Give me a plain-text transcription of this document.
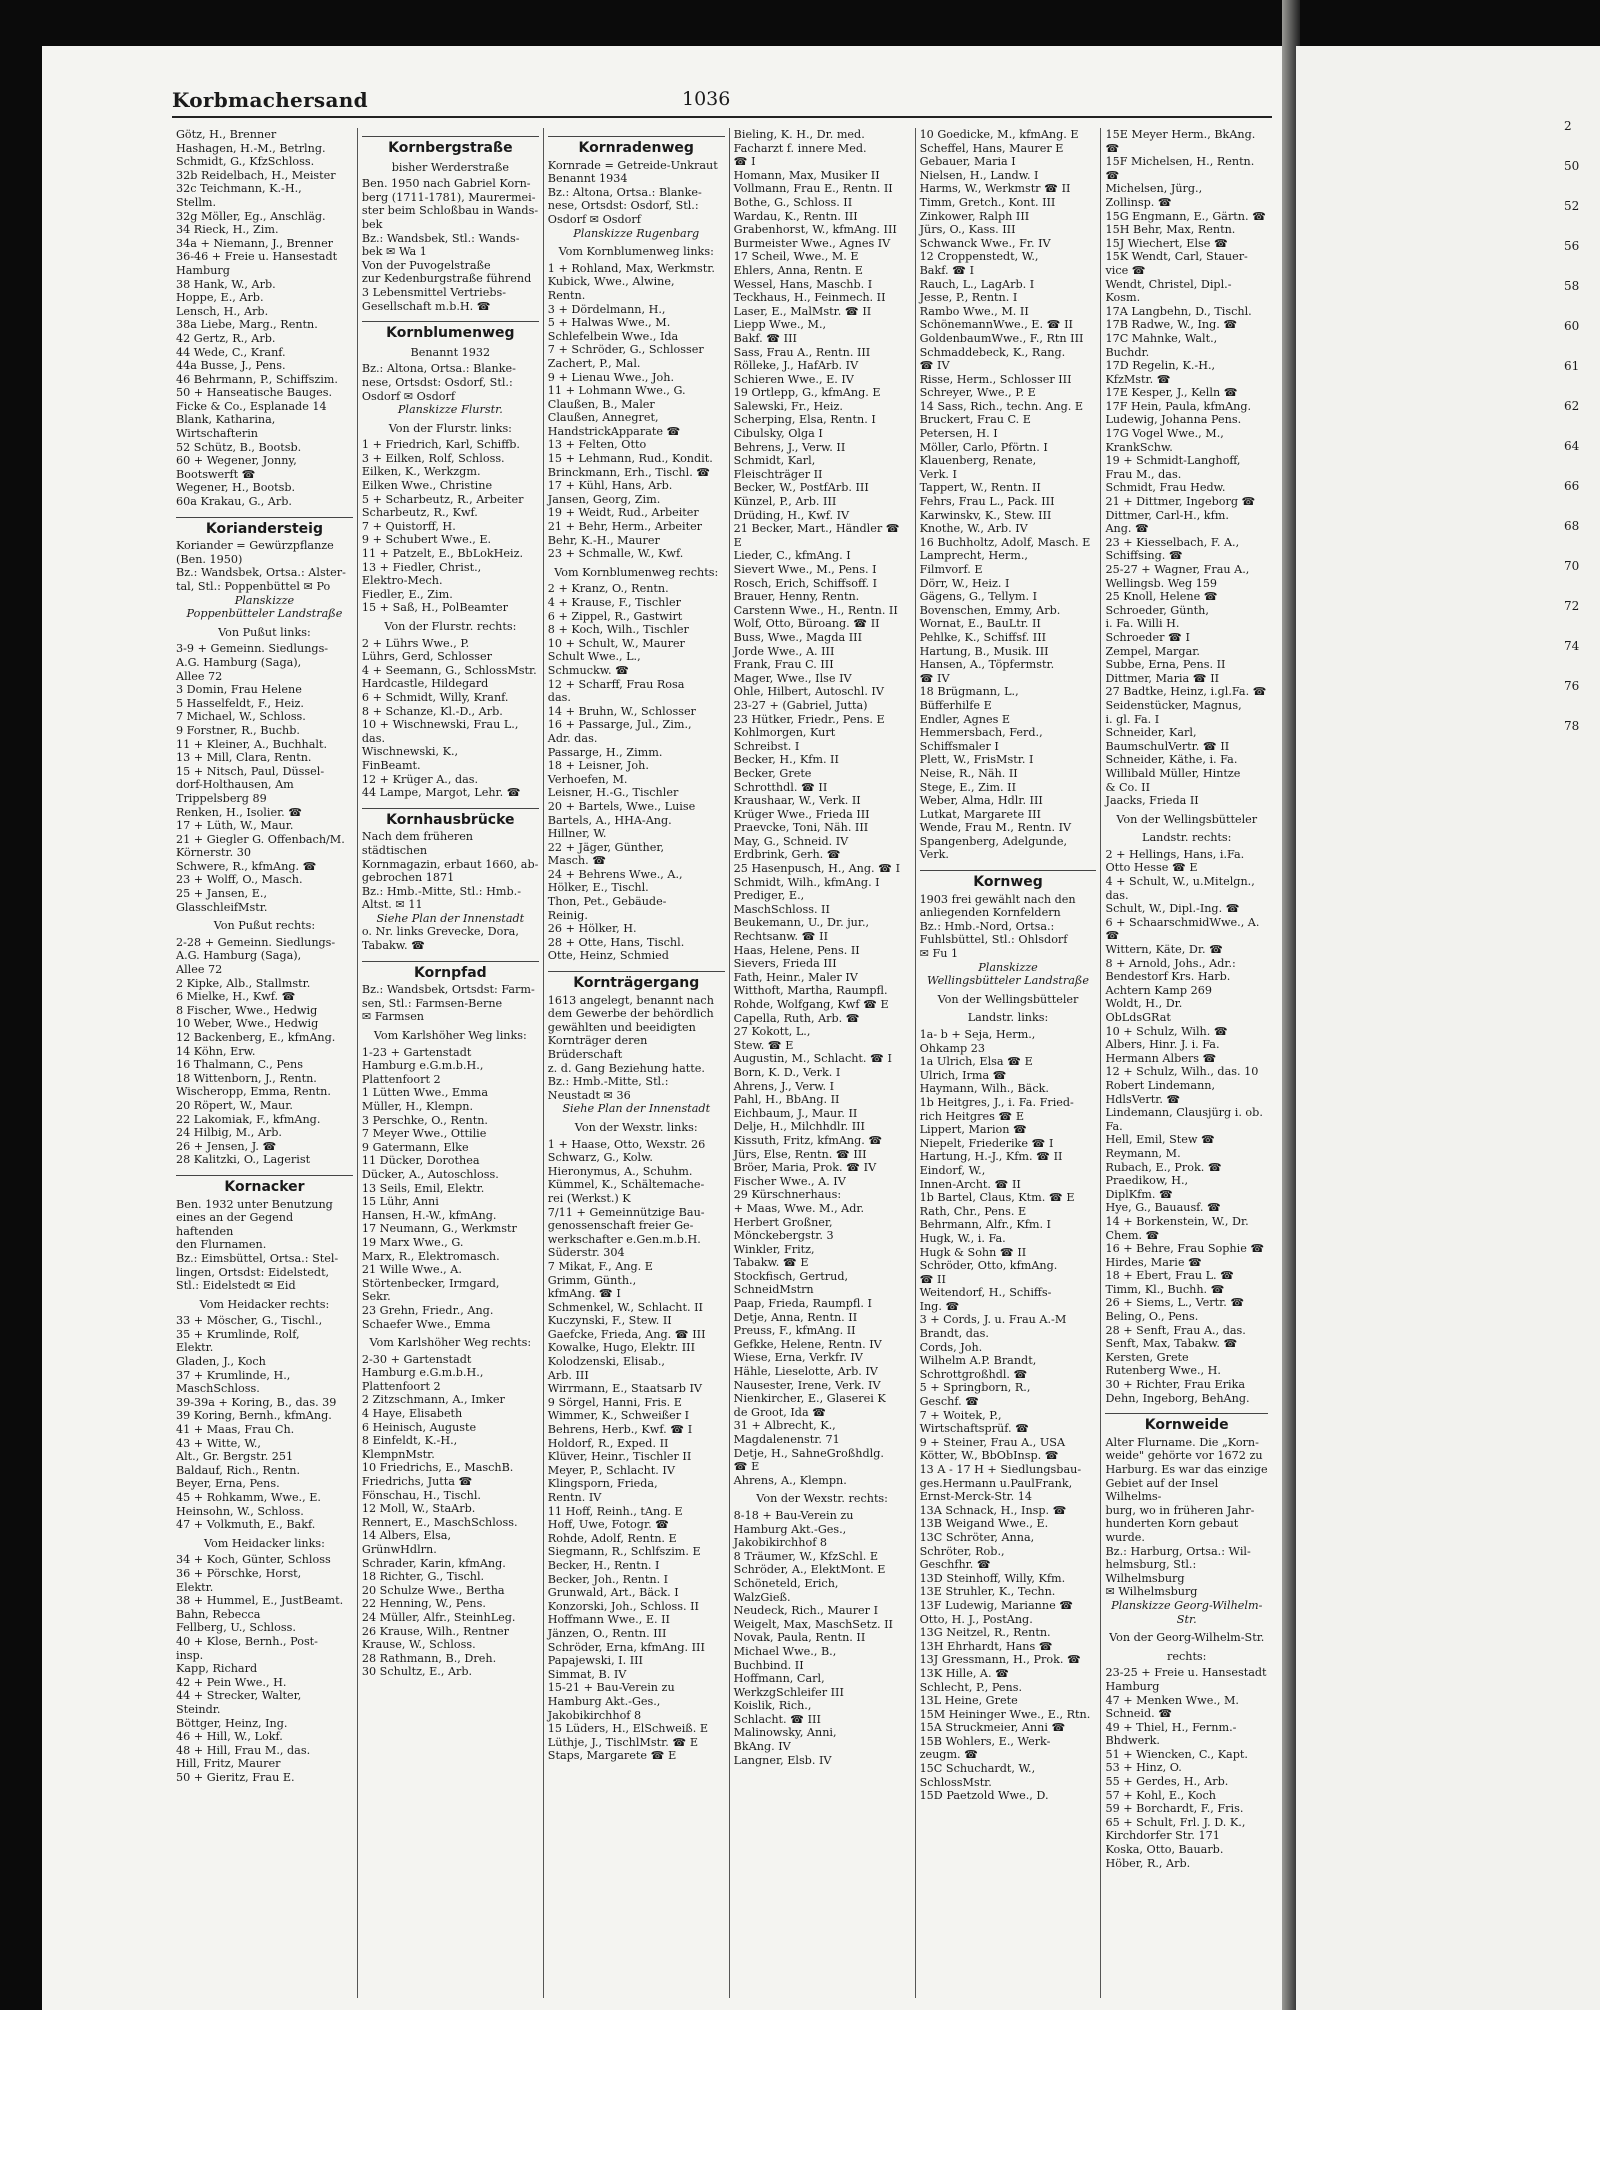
2
50
52
56
58
60
61
62
64
66
68
70
72
74
76
78
Korbmachersand	1036
Götz, H., Brenner
Hashagen, H.-M., Betrlng.
Schmidt, G., KfzSchloss.
32b Reidelbach, H., Meister
32c Teichmann, K.-H.,
Stellm.
32g Möller, Eg., Anschläg.
34 Rieck, H., Zim.
34a + Niemann, J., Brenner
36-46 + Freie u. Hansestadt
Hamburg
38 Hank, W., Arb.
Hoppe, E., Arb.
Lensch, H., Arb.
38a Liebe, Marg., Rentn.
42 Gertz, R., Arb.
44 Wede, C., Kranf.
44a Busse, J., Pens.
46 Behrmann, P., Schiffszim.
50 + Hanseatische Bauges.
Ficke & Co., Esplanade 14
Blank, Katharina,
Wirtschafterin
52 Schütz, B., Bootsb.
60 + Wegener, Jonny,
Bootswerft ☎
Wegener, H., Bootsb.
60a Krakau, G., Arb.
Koriandersteig
Koriander = Gewürzpflanze
(Ben. 1950)
Bz.: Wandsbek, Ortsa.: Alster-
tal, Stl.: Poppenbüttel ✉ Po
Planskizze
Poppenbütteler Landstraße
Von Pußut links:
3-9 + Gemeinn. Siedlungs-
A.G. Hamburg (Saga),
Allee 72
3 Domin, Frau Helene
5 Hasselfeldt, F., Heiz.
7 Michael, W., Schloss.
9 Forstner, R., Buchb.
11 + Kleiner, A., Buchhalt.
13 + Mill, Clara, Rentn.
15 + Nitsch, Paul, Düssel-
dorf-Holthausen, Am
Trippelsberg 89
Renken, H., Isolier. ☎
17 + Lüth, W., Maur.
21 + Giegler G. Offenbach/M.
Körnerstr. 30
Schwere, R., kfmAng. ☎
23 + Wolff, O., Masch.
25 + Jansen, E.,
GlasschleifMstr.
Von Pußut rechts:
2-28 + Gemeinn. Siedlungs-
A.G. Hamburg (Saga),
Allee 72
2 Kipke, Alb., Stallmstr.
6 Mielke, H., Kwf. ☎
8 Fischer, Wwe., Hedwig
10 Weber, Wwe., Hedwig
12 Backenberg, E., kfmAng.
14 Köhn, Erw.
16 Thalmann, C., Pens
18 Wittenborn, J., Rentn.
Wischeropp, Emma, Rentn.
20 Röpert, W., Maur.
22 Lakomiak, F., kfmAng.
24 Hilbig, M., Arb.
26 + Jensen, J. ☎
28 Kalitzki, O., Lagerist
Kornacker
Ben. 1932 unter Benutzung
eines an der Gegend haftenden
den Flurnamen.
Bz.: Eimsbüttel, Ortsa.: Stel-
lingen, Ortsdst: Eidelstedt,
Stl.: Eidelstedt ✉ Eid
Vom Heidacker rechts:
33 + Möscher, G., Tischl.,
35 + Krumlinde, Rolf,
Elektr.
Gladen, J., Koch
37 + Krumlinde, H.,
MaschSchloss.
39-39a + Koring, B., das. 39
39 Koring, Bernh., kfmAng.
41 + Maas, Frau Ch.
43 + Witte, W.,
Alt., Gr. Bergstr. 251
Baldauf, Rich., Rentn.
Beyer, Erna, Pens.
45 + Rohkamm, Wwe., E.
Heinsohn, W., Schloss.
47 + Volkmuth, E., Bakf.
Vom Heidacker links:
34 + Koch, Günter, Schloss
36 + Pörschke, Horst,
Elektr.
38 + Hummel, E., JustBeamt.
Bahn, Rebecca
Fellberg, U., Schloss.
40 + Klose, Bernh., Post-
insp.
Kapp, Richard
42 + Pein Wwe., H.
44 + Strecker, Walter,
Steindr.
Böttger, Heinz, Ing.
46 + Hill, W., Lokf.
48 + Hill, Frau M., das.
Hill, Fritz, Maurer
50 + Gieritz, Frau E.
Kornbergstraße
bisher Werderstraße
Ben. 1950 nach Gabriel Korn-
berg (1711-1781), Maurermei-
ster beim Schloßbau in Wands-
bek
Bz.: Wandsbek, Stl.: Wands-
bek ✉ Wa 1
Von der Puvogelstraße
zur Kedenburgstraße führend
3 Lebensmittel Vertriebs-
Gesellschaft m.b.H. ☎
Kornblumenweg
Benannt 1932
Bz.: Altona, Ortsa.: Blanke-
nese, Ortsdst: Osdorf, Stl.:
Osdorf ✉ Osdorf
Planskizze Flurstr.
Von der Flurstr. links:
1 + Friedrich, Karl, Schiffb.
3 + Eilken, Rolf, Schloss.
Eilken, K., Werkzgm.
Eilken Wwe., Christine
5 + Scharbeutz, R., Arbeiter
Scharbeutz, R., Kwf.
7 + Quistorff, H.
9 + Schubert Wwe., E.
11 + Patzelt, E., BbLokHeiz.
13 + Fiedler, Christ.,
Elektro-Mech.
Fiedler, E., Zim.
15 + Saß, H., PolBeamter
Von der Flurstr. rechts:
2 + Lührs Wwe., P.
Lührs, Gerd, Schlosser
4 + Seemann, G., SchlossMstr.
Hardcastle, Hildegard
6 + Schmidt, Willy, Kranf.
8 + Schanze, Kl.-D., Arb.
10 + Wischnewski, Frau L.,
das.
Wischnewski, K.,
FinBeamt.
12 + Krüger A., das.
44 Lampe, Margot, Lehr. ☎
Kornhausbrücke
Nach dem früheren städtischen
Kornmagazin, erbaut 1660, ab-
gebrochen 1871
Bz.: Hmb.-Mitte, Stl.: Hmb.-
Altst. ✉ 11
Siehe Plan der Innenstadt
o. Nr. links Grevecke, Dora,
Tabakw. ☎
Kornpfad
Bz.: Wandsbek, Ortsdst: Farm-
sen, Stl.: Farmsen-Berne
✉ Farmsen
Vom Karlshöher Weg links:
1-23 + Gartenstadt
Hamburg e.G.m.b.H.,
Plattenfoort 2
1 Lütten Wwe., Emma
Müller, H., Klempn.
3 Perschke, O., Rentn.
7 Meyer Wwe., Ottilie
9 Gatermann, Elke
11 Dücker, Dorothea
Dücker, A., Autoschloss.
13 Seils, Emil, Elektr.
15 Lühr, Anni
Hansen, H.-W., kfmAng.
17 Neumann, G., Werkmstr
19 Marx Wwe., G.
Marx, R., Elektromasch.
21 Wille Wwe., A.
Störtenbecker, Irmgard,
Sekr.
23 Grehn, Friedr., Ang.
Schaefer Wwe., Emma
Vom Karlshöher Weg rechts:
2-30 + Gartenstadt
Hamburg e.G.m.b.H.,
Plattenfoort 2
2 Zitzschmann, A., Imker
4 Haye, Elisabeth
6 Heinisch, Auguste
8 Einfeldt, K.-H.,
KlempnMstr.
10 Friedrichs, E., MaschB.
Friedrichs, Jutta ☎
Fönschau, H., Tischl.
12 Moll, W., StaArb.
Rennert, E., MaschSchloss.
14 Albers, Elsa,
GrünwHdlrn.
Schrader, Karin, kfmAng.
18 Richter, G., Tischl.
20 Schulze Wwe., Bertha
22 Henning, W., Pens.
24 Müller, Alfr., SteinhLeg.
26 Krause, Wilh., Rentner
Krause, W., Schloss.
28 Rathmann, B., Dreh.
30 Schultz, E., Arb.
Kornradenweg
Kornrade = Getreide-Unkraut
Benannt 1934
Bz.: Altona, Ortsa.: Blanke-
nese, Ortsdst: Osdorf, Stl.:
Osdorf ✉ Osdorf
Planskizze Rugenbarg
Vom Kornblumenweg links:
1 + Rohland, Max, Werkmstr.
Kubick, Wwe., Alwine,
Rentn.
3 + Dördelmann, H.,
5 + Halwas Wwe., M.
Schlefelbein Wwe., Ida
7 + Schröder, G., Schlosser
Zachert, P., Mal.
9 + Lienau Wwe., Joh.
11 + Lohmann Wwe., G.
Claußen, B., Maler
Claußen, Annegret,
HandstrickApparate ☎
13 + Felten, Otto
15 + Lehmann, Rud., Kondit.
Brinckmann, Erh., Tischl. ☎
17 + Kühl, Hans, Arb.
Jansen, Georg, Zim.
19 + Weidt, Rud., Arbeiter
21 + Behr, Herm., Arbeiter
Behr, K.-H., Maurer
23 + Schmalle, W., Kwf.
Vom Kornblumenweg rechts:
2 + Kranz, O., Rentn.
4 + Krause, F., Tischler
6 + Zippel, R., Gastwirt
8 + Koch, Wilh., Tischler
10 + Schult, W., Maurer
Schult Wwe., L.,
Schmuckw. ☎
12 + Scharff, Frau Rosa
das.
14 + Bruhn, W., Schlosser
16 + Passarge, Jul., Zim.,
Adr. das.
Passarge, H., Zimm.
18 + Leisner, Joh.
Verhoefen, M.
Leisner, H.-G., Tischler
20 + Bartels, Wwe., Luise
Bartels, A., HHA-Ang.
Hillner, W.
22 + Jäger, Günther,
Masch. ☎
24 + Behrens Wwe., A.,
Hölker, E., Tischl.
Thon, Pet., Gebäude-
Reinig.
26 + Hölker, H.
28 + Otte, Hans, Tischl.
Otte, Heinz, Schmied
Kornträgergang
1613 angelegt, benannt nach
dem Gewerbe der behördlich
gewählten und beeidigten
Kornträger deren Brüderschaft
z. d. Gang Beziehung hatte.
Bz.: Hmb.-Mitte, Stl.:
Neustadt ✉ 36
Siehe Plan der Innenstadt
Von der Wexstr. links:
1 + Haase, Otto, Wexstr. 26
Schwarz, G., Kolw.
Hieronymus, A., Schuhm.
Kümmel, K., Schältemache-
rei (Werkst.) K
7/11 + Gemeinnützige Bau-
genossenschaft freier Ge-
werkschafter e.Gen.m.b.H.
Süderstr. 304
7 Mikat, F., Ang. E
Grimm, Günth.,
kfmAng. ☎ I
Schmenkel, W., Schlacht. II
Kuczynski, F., Stew. II
Gaefcke, Frieda, Ang. ☎ III
Kowalke, Hugo, Elektr. III
Kolodzenski, Elisab.,
Arb. III
Wirrmann, E., Staatsarb IV
9 Sörgel, Hanni, Fris. E
Wimmer, K., Schweißer I
Behrens, Herb., Kwf. ☎ I
Holdorf, R., Exped. II
Klüver, Heinr., Tischler II
Meyer, P., Schlacht. IV
Klingsporn, Frieda,
Rentn. IV
11 Hoff, Reinh., tAng. E
Hoff, Uwe, Fotogr. ☎
Rohde, Adolf, Rentn. E
Siegmann, R., Schlfszim. E
Becker, H., Rentn. I
Becker, Joh., Rentn. I
Grunwald, Art., Bäck. I
Konzorski, Joh., Schloss. II
Hoffmann Wwe., E. II
Jänzen, O., Rentn. III
Schröder, Erna, kfmAng. III
Papajewski, I. III
Simmat, B. IV
15-21 + Bau-Verein zu
Hamburg Akt.-Ges.,
Jakobikirchhof 8
15 Lüders, H., ElSchweiß. E
Lüthje, J., TischlMstr. ☎ E
Staps, Margarete ☎ E
Bieling, K. H., Dr. med.
Facharzt f. innere Med.
☎ I
Homann, Max, Musiker II
Vollmann, Frau E., Rentn. II
Bothe, G., Schloss. II
Wardau, K., Rentn. III
Grabenhorst, W., kfmAng. III
Burmeister Wwe., Agnes IV
17 Scheil, Wwe., M. E
Ehlers, Anna, Rentn. E
Wessel, Hans, Maschb. I
Teckhaus, H., Feinmech. II
Laser, E., MalMstr. ☎ II
Liepp Wwe., M.,
Bakf. ☎ III
Sass, Frau A., Rentn. III
Rölleke, J., HafArb. IV
Schieren Wwe., E. IV
19 Ortlepp, G., kfmAng. E
Salewski, Fr., Heiz.
Scherping, Elsa, Rentn. I
Cibulsky, Olga I
Behrens, J., Verw. II
Schmidt, Karl,
Fleischträger II
Becker, W., PostfArb. III
Künzel, P., Arb. III
Drüding, H., Kwf. IV
21 Becker, Mart., Händler ☎ E
Lieder, C., kfmAng. I
Sievert Wwe., M., Pens. I
Rosch, Erich, Schiffsoff. I
Brauer, Henny, Rentn.
Carstenn Wwe., H., Rentn. II
Wolf, Otto, Büroang. ☎ II
Buss, Wwe., Magda III
Jorde Wwe., A. III
Frank, Frau C. III
Mager, Wwe., Ilse IV
Ohle, Hilbert, Autoschl. IV
23-27 + (Gabriel, Jutta)
23 Hütker, Friedr., Pens. E
Kohlmorgen, Kurt
Schreibst. I
Becker, H., Kfm. II
Becker, Grete
Schrotthdl. ☎ II
Kraushaar, W., Verk. II
Krüger Wwe., Frieda III
Praevcke, Toni, Näh. III
May, G., Schneid. IV
Erdbrink, Gerh. ☎
25 Hasenpusch, H., Ang. ☎ I
Schmidt, Wilh., kfmAng. I
Prediger, E.,
MaschSchloss. II
Beukemann, U., Dr. jur.,
Rechtsanw. ☎ II
Haas, Helene, Pens. II
Sievers, Frieda III
Fath, Heinr., Maler IV
Witthoft, Martha, Raumpfl.
Rohde, Wolfgang, Kwf ☎ E
Capella, Ruth, Arb. ☎
27 Kokott, L.,
Stew. ☎ E
Augustin, M., Schlacht. ☎ I
Born, K. D., Verk. I
Ahrens, J., Verw. I
Pahl, H., BbAng. II
Eichbaum, J., Maur. II
Delje, H., Milchhdlr. III
Kissuth, Fritz, kfmAng. ☎
Jürs, Else, Rentn. ☎ III
Bröer, Maria, Prok. ☎ IV
Fischer Wwe., A. IV
29 Kürschnerhaus:
+ Maas, Wwe. M., Adr.
Herbert Großner,
Mönckebergstr. 3
Winkler, Fritz,
Tabakw. ☎ E
Stockfisch, Gertrud,
SchneidMstrn
Paap, Frieda, Raumpfl. I
Detje, Anna, Rentn. II
Preuss, F., kfmAng. II
Gefkke, Helene, Rentn. IV
Wiese, Erna, Verkfr. IV
Hähle, Lieselotte, Arb. IV
Nausester, Irene, Verk. IV
Nienkircher, E., Glaserei K
de Groot, Ida ☎
31 + Albrecht, K.,
Magdalenenstr. 71
Detje, H., SahneGroßhdlg.
☎ E
Ahrens, A., Klempn.
Von der Wexstr. rechts:
8-18 + Bau-Verein zu
Hamburg Akt.-Ges.,
Jakobikirchhof 8
8 Träumer, W., KfzSchl. E
Schröder, A., ElektMont. E
Schöneteld, Erich,
WalzGieß.
Neudeck, Rich., Maurer I
Weigelt, Max, MaschSetz. II
Novak, Paula, Rentn. II
Michael Wwe., B.,
Buchbind. II
Hoffmann, Carl,
WerkzgSchleifer III
Koislik, Rich.,
Schlacht. ☎ III
Malinowsky, Anni,
BkAng. IV
Langner, Elsb. IV
10 Goedicke, M., kfmAng. E
Scheffel, Hans, Maurer E
Gebauer, Maria I
Nielsen, H., Landw. I
Harms, W., Werkmstr ☎ II
Timm, Gretch., Kont. III
Zinkower, Ralph III
Jürs, O., Kass. III
Schwanck Wwe., Fr. IV
12 Croppenstedt, W.,
Bakf. ☎ I
Rauch, L., LagArb. I
Jesse, P., Rentn. I
Rambo Wwe., M. II
SchönemannWwe., E. ☎ II
GoldenbaumWwe., F., Rtn III
Schmaddebeck, K., Rang.
☎ IV
Risse, Herm., Schlosser III
Schreyer, Wwe., P. E
14 Sass, Rich., techn. Ang. E
Bruckert, Frau C. E
Petersen, H. I
Möller, Carlo, Pförtn. I
Klauenberg, Renate,
Verk. I
Tappert, W., Rentn. II
Fehrs, Frau L., Pack. III
Karwinskv, K., Stew. III
Knothe, W., Arb. IV
16 Buchholtz, Adolf, Masch. E
Lamprecht, Herm.,
Filmvorf. E
Dörr, W., Heiz. I
Gägens, G., Tellym. I
Bovenschen, Emmy, Arb.
Wornat, E., BauLtr. II
Pehlke, K., Schiffsf. III
Hartung, B., Musik. III
Hansen, A., Töpfermstr.
☎ IV
18 Brügmann, L.,
Büfferhilfe E
Endler, Agnes E
Hemmersbach, Ferd.,
Schiffsmaler I
Plett, W., FrisMstr. I
Neise, R., Näh. II
Stege, E., Zim. II
Weber, Alma, Hdlr. III
Lutkat, Margarete III
Wende, Frau M., Rentn. IV
Spangenberg, Adelgunde,
Verk.
Kornweg
1903 frei gewählt nach den
anliegenden Kornfeldern
Bz.: Hmb.-Nord, Ortsa.:
Fuhlsbüttel, Stl.: Ohlsdorf
✉ Fu 1
Planskizze
Wellingsbütteler Landstraße
Von der Wellingsbütteler
Landstr. links:
1a- b + Seja, Herm.,
Ohkamp 23
1a Ulrich, Elsa ☎ E
Ulrich, Irma ☎
Haymann, Wilh., Bäck.
1b Heitgres, J., i. Fa. Fried-
rich Heitgres ☎ E
Lippert, Marion ☎
Niepelt, Friederike ☎ I
Hartung, H.-J., Kfm. ☎ II
Eindorf, W.,
Innen-Archt. ☎ II
1b Bartel, Claus, Ktm. ☎ E
Rath, Chr., Pens. E
Behrmann, Alfr., Kfm. I
Hugk, W., i. Fa.
Hugk & Sohn ☎ II
Schröder, Otto, kfmAng.
☎ II
Weitendorf, H., Schiffs-
Ing. ☎
3 + Cords, J. u. Frau A.-M
Brandt, das.
Cords, Joh.
Wilhelm A.P. Brandt,
Schrottgroßhdl. ☎
5 + Springborn, R.,
Geschf. ☎
7 + Woitek, P.,
Wirtschaftsprüf. ☎
9 + Steiner, Frau A., USA
Kötter, W., BbObInsp. ☎
13 A - 17 H + Siedlungsbau-
ges.Hermann u.PaulFrank,
Ernst-Merck-Str. 14
13A Schnack, H., Insp. ☎
13B Weigand Wwe., E.
13C Schröter, Anna,
Schröter, Rob.,
Geschfhr. ☎
13D Steinhoff, Willy, Kfm.
13E Struhler, K., Techn.
13F Ludewig, Marianne ☎
Otto, H. J., PostAng.
13G Neitzel, R., Rentn.
13H Ehrhardt, Hans ☎
13J Gressmann, H., Prok. ☎
13K Hille, A. ☎
Schlecht, P., Pens.
13L Heine, Grete
15M Heininger Wwe., E., Rtn.
15A Struckmeier, Anni ☎
15B Wohlers, E., Werk-
zeugm. ☎
15C Schuchardt, W.,
SchlossMstr.
15D Paetzold Wwe., D.
15E Meyer Herm., BkAng. ☎
15F Michelsen, H., Rentn. ☎
Michelsen, Jürg.,
Zollinsp. ☎
15G Engmann, E., Gärtn. ☎
15H Behr, Max, Rentn.
15J Wiechert, Else ☎
15K Wendt, Carl, Stauer-
vice ☎
Wendt, Christel, Dipl.-
Kosm.
17A Langbehn, D., Tischl.
17B Radwe, W., Ing. ☎
17C Mahnke, Walt.,
Buchdr.
17D Regelin, K.-H.,
KfzMstr. ☎
17E Kesper, J., Kelln ☎
17F Hein, Paula, kfmAng.
Ludewig, Johanna Pens.
17G Vogel Wwe., M.,
KrankSchw.
19 + Schmidt-Langhoff,
Frau M., das.
Schmidt, Frau Hedw.
21 + Dittmer, Ingeborg ☎
Dittmer, Carl-H., kfm.
Ang. ☎
23 + Kiesselbach, F. A.,
Schiffsing. ☎
25-27 + Wagner, Frau A.,
Wellingsb. Weg 159
25 Knoll, Helene ☎
Schroeder, Günth,
i. Fa. Willi H.
Schroeder ☎ I
Zempel, Margar.
Subbe, Erna, Pens. II
Dittmer, Maria ☎ II
27 Badtke, Heinz, i.gl.Fa. ☎
Seidenstücker, Magnus,
i. gl. Fa. I
Schneider, Karl,
BaumschulVertr. ☎ II
Schneider, Käthe, i. Fa.
Willibald Müller, Hintze
& Co. II
Jaacks, Frieda II
Von der Wellingsbütteler
Landstr. rechts:
2 + Hellings, Hans, i.Fa.
Otto Hesse ☎ E
4 + Schult, W., u.Mitelgn., das.
Schult, W., Dipl.-Ing. ☎
6 + SchaarschmidWwe., A. ☎
Wittern, Käte, Dr. ☎
8 + Arnold, Johs., Adr.:
Bendestorf Krs. Harb.
Achtern Kamp 269
Woldt, H., Dr.
ObLdsGRat
10 + Schulz, Wilh. ☎
Albers, Hinr. J. i. Fa.
Hermann Albers ☎
12 + Schulz, Wilh., das. 10
Robert Lindemann,
HdlsVertr. ☎
Lindemann, Clausjürg i. ob.
Fa.
Hell, Emil, Stew ☎
Reymann, M.
Rubach, E., Prok. ☎
Praedikow, H.,
DiplKfm. ☎
Hye, G., Bauausf. ☎
14 + Borkenstein, W., Dr.
Chem. ☎
16 + Behre, Frau Sophie ☎
Hirdes, Marie ☎
18 + Ebert, Frau L. ☎
Timm, Kl., Buchh. ☎
26 + Siems, L., Vertr. ☎
Beling, O., Pens.
28 + Senft, Frau A., das.
Senft, Max, Tabakw. ☎
Kersten, Grete
Rutenberg Wwe., H.
30 + Richter, Frau Erika
Dehn, Ingeborg, BehAng.
Kornweide
Alter Flurname. Die „Korn-
weide" gehörte vor 1672 zu
Harburg. Es war das einzige
Gebiet auf der Insel Wilhelms-
burg, wo in früheren Jahr-
hunderten Korn gebaut wurde.
Bz.: Harburg, Ortsa.: Wil-
helmsburg, Stl.: Wilhelmsburg
✉ Wilhelmsburg
Planskizze Georg-Wilhelm-Str.
Von der Georg-Wilhelm-Str.
rechts:
23-25 + Freie u. Hansestadt
Hamburg
47 + Menken Wwe., M.
Schneid. ☎
49 + Thiel, H., Fernm.-
Bhdwerk.
51 + Wiencken, C., Kapt.
53 + Hinz, O.
55 + Gerdes, H., Arb.
57 + Kohl, E., Koch
59 + Borchardt, F., Fris.
65 + Schult, Frl. J. D. K.,
Kirchdorfer Str. 171
Koska, Otto, Bauarb.
Höber, R., Arb.
